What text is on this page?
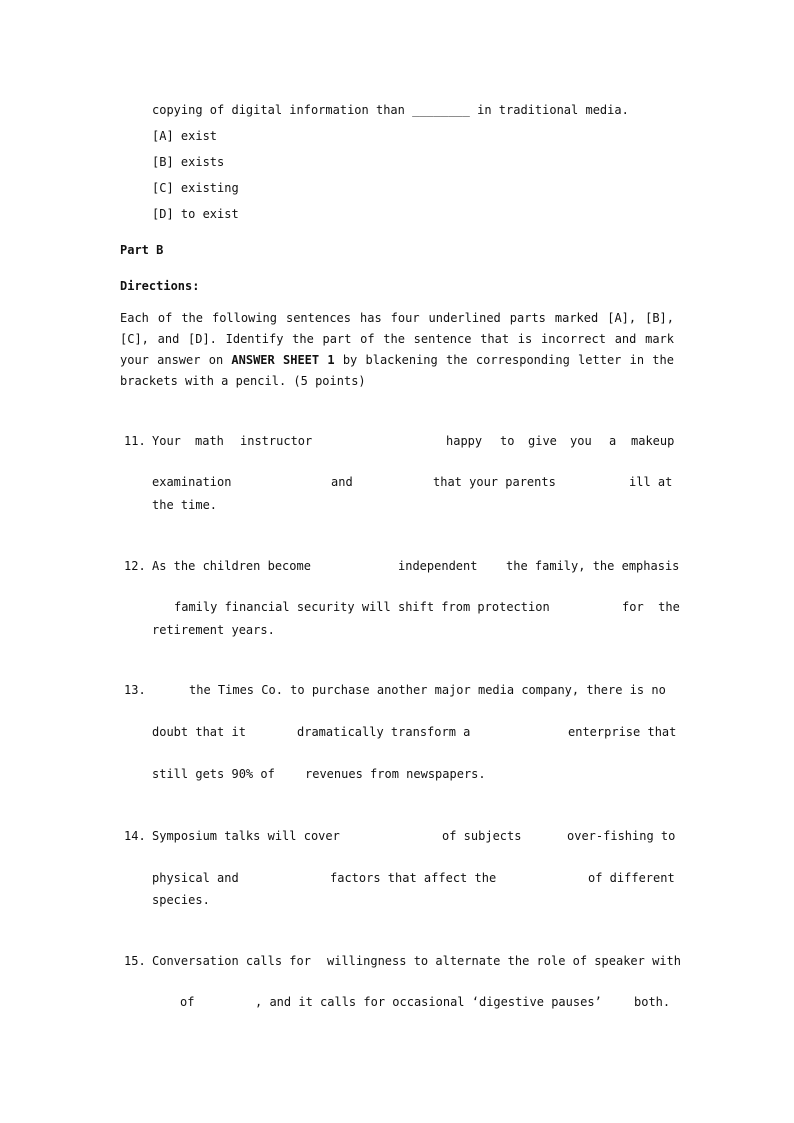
copying of digital information than ________ in traditional media.
[A] exist
[B] exists
[C] existing
[D] to exist
Part B
Directions:
Each of the following sentences has four underlined parts marked [A], [B], [C], and [D]. Identify the part of the sentence that is incorrect and mark your answer on ANSWER SHEET 1 by blackening the corresponding letter in the brackets with a pencil. (5 points)
11. Your math instructor	happy to give you a makeup
examination	and	that your parents	ill at
the time.
12. As the children become	independent the family, the emphasis
family financial security will shift from protection	for  the
retirement years.
13.	the Times Co. to purchase another major media company, there is no
doubt that it	dramatically transform a	enterprise that
still gets 90% of	revenues from newspapers.
14. Symposium talks will cover	of subjects	over-fishing to
physical and	factors that affect the	of different
species.
15. Conversation calls for willingness to alternate the role of speaker with
of	, and it calls for occasional ‘digestive pauses’	both.
